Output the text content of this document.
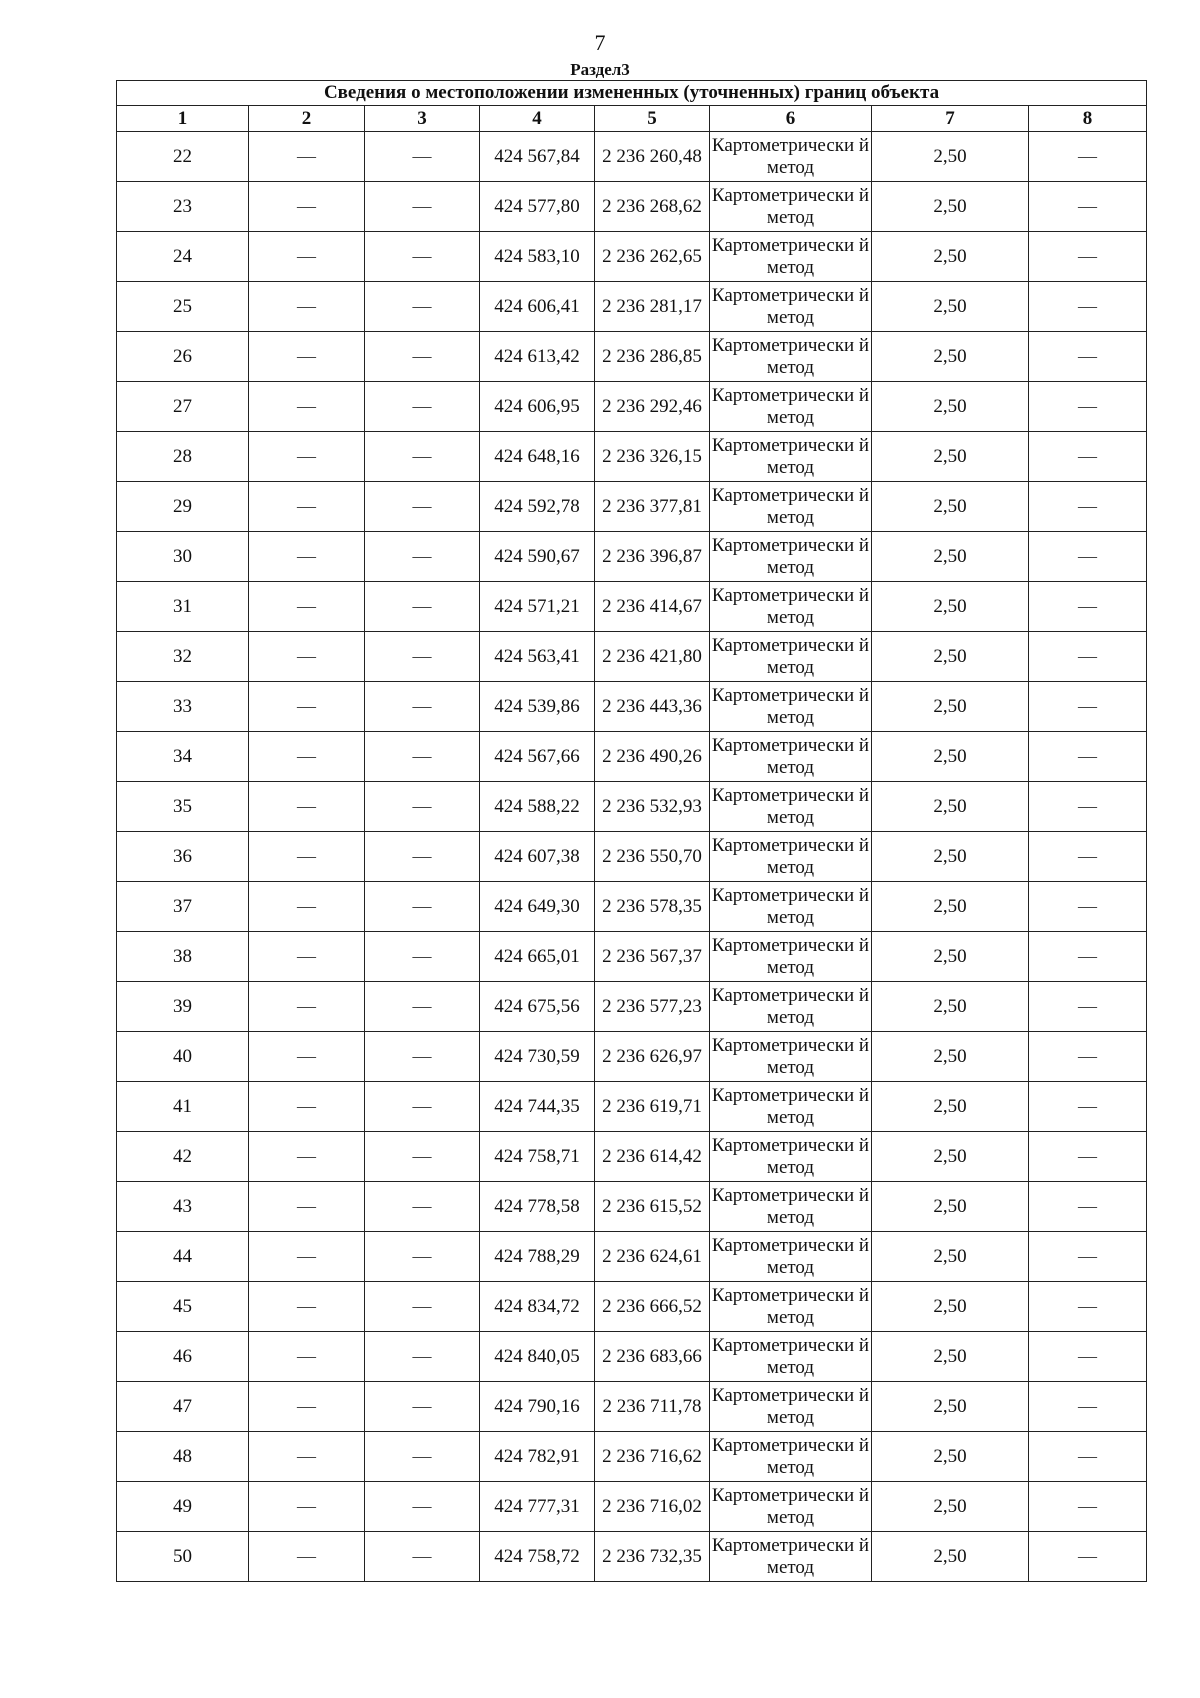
7
Раздел3
Сведения о местоположении измененных (уточненных) границ объекта							
1	2	3	4	5	6	7	8
22	—	—	424 567,84	2 236 260,48	Картометрически й метод	2,50	—
23	—	—	424 577,80	2 236 268,62	Картометрически й метод	2,50	—
24	—	—	424 583,10	2 236 262,65	Картометрически й метод	2,50	—
25	—	—	424 606,41	2 236 281,17	Картометрически й метод	2,50	—
26	—	—	424 613,42	2 236 286,85	Картометрически й метод	2,50	—
27	—	—	424 606,95	2 236 292,46	Картометрически й метод	2,50	—
28	—	—	424 648,16	2 236 326,15	Картометрически й метод	2,50	—
29	—	—	424 592,78	2 236 377,81	Картометрически й метод	2,50	—
30	—	—	424 590,67	2 236 396,87	Картометрически й метод	2,50	—
31	—	—	424 571,21	2 236 414,67	Картометрически й метод	2,50	—
32	—	—	424 563,41	2 236 421,80	Картометрически й метод	2,50	—
33	—	—	424 539,86	2 236 443,36	Картометрически й метод	2,50	—
34	—	—	424 567,66	2 236 490,26	Картометрически й метод	2,50	—
35	—	—	424 588,22	2 236 532,93	Картометрически й метод	2,50	—
36	—	—	424 607,38	2 236 550,70	Картометрически й метод	2,50	—
37	—	—	424 649,30	2 236 578,35	Картометрически й метод	2,50	—
38	—	—	424 665,01	2 236 567,37	Картометрически й метод	2,50	—
39	—	—	424 675,56	2 236 577,23	Картометрически й метод	2,50	—
40	—	—	424 730,59	2 236 626,97	Картометрически й метод	2,50	—
41	—	—	424 744,35	2 236 619,71	Картометрически й метод	2,50	—
42	—	—	424 758,71	2 236 614,42	Картометрически й метод	2,50	—
43	—	—	424 778,58	2 236 615,52	Картометрически й метод	2,50	—
44	—	—	424 788,29	2 236 624,61	Картометрически й метод	2,50	—
45	—	—	424 834,72	2 236 666,52	Картометрически й метод	2,50	—
46	—	—	424 840,05	2 236 683,66	Картометрически й метод	2,50	—
47	—	—	424 790,16	2 236 711,78	Картометрически й метод	2,50	—
48	—	—	424 782,91	2 236 716,62	Картометрически й метод	2,50	—
49	—	—	424 777,31	2 236 716,02	Картометрически й метод	2,50	—
50	—	—	424 758,72	2 236 732,35	Картометрически й метод	2,50	—
